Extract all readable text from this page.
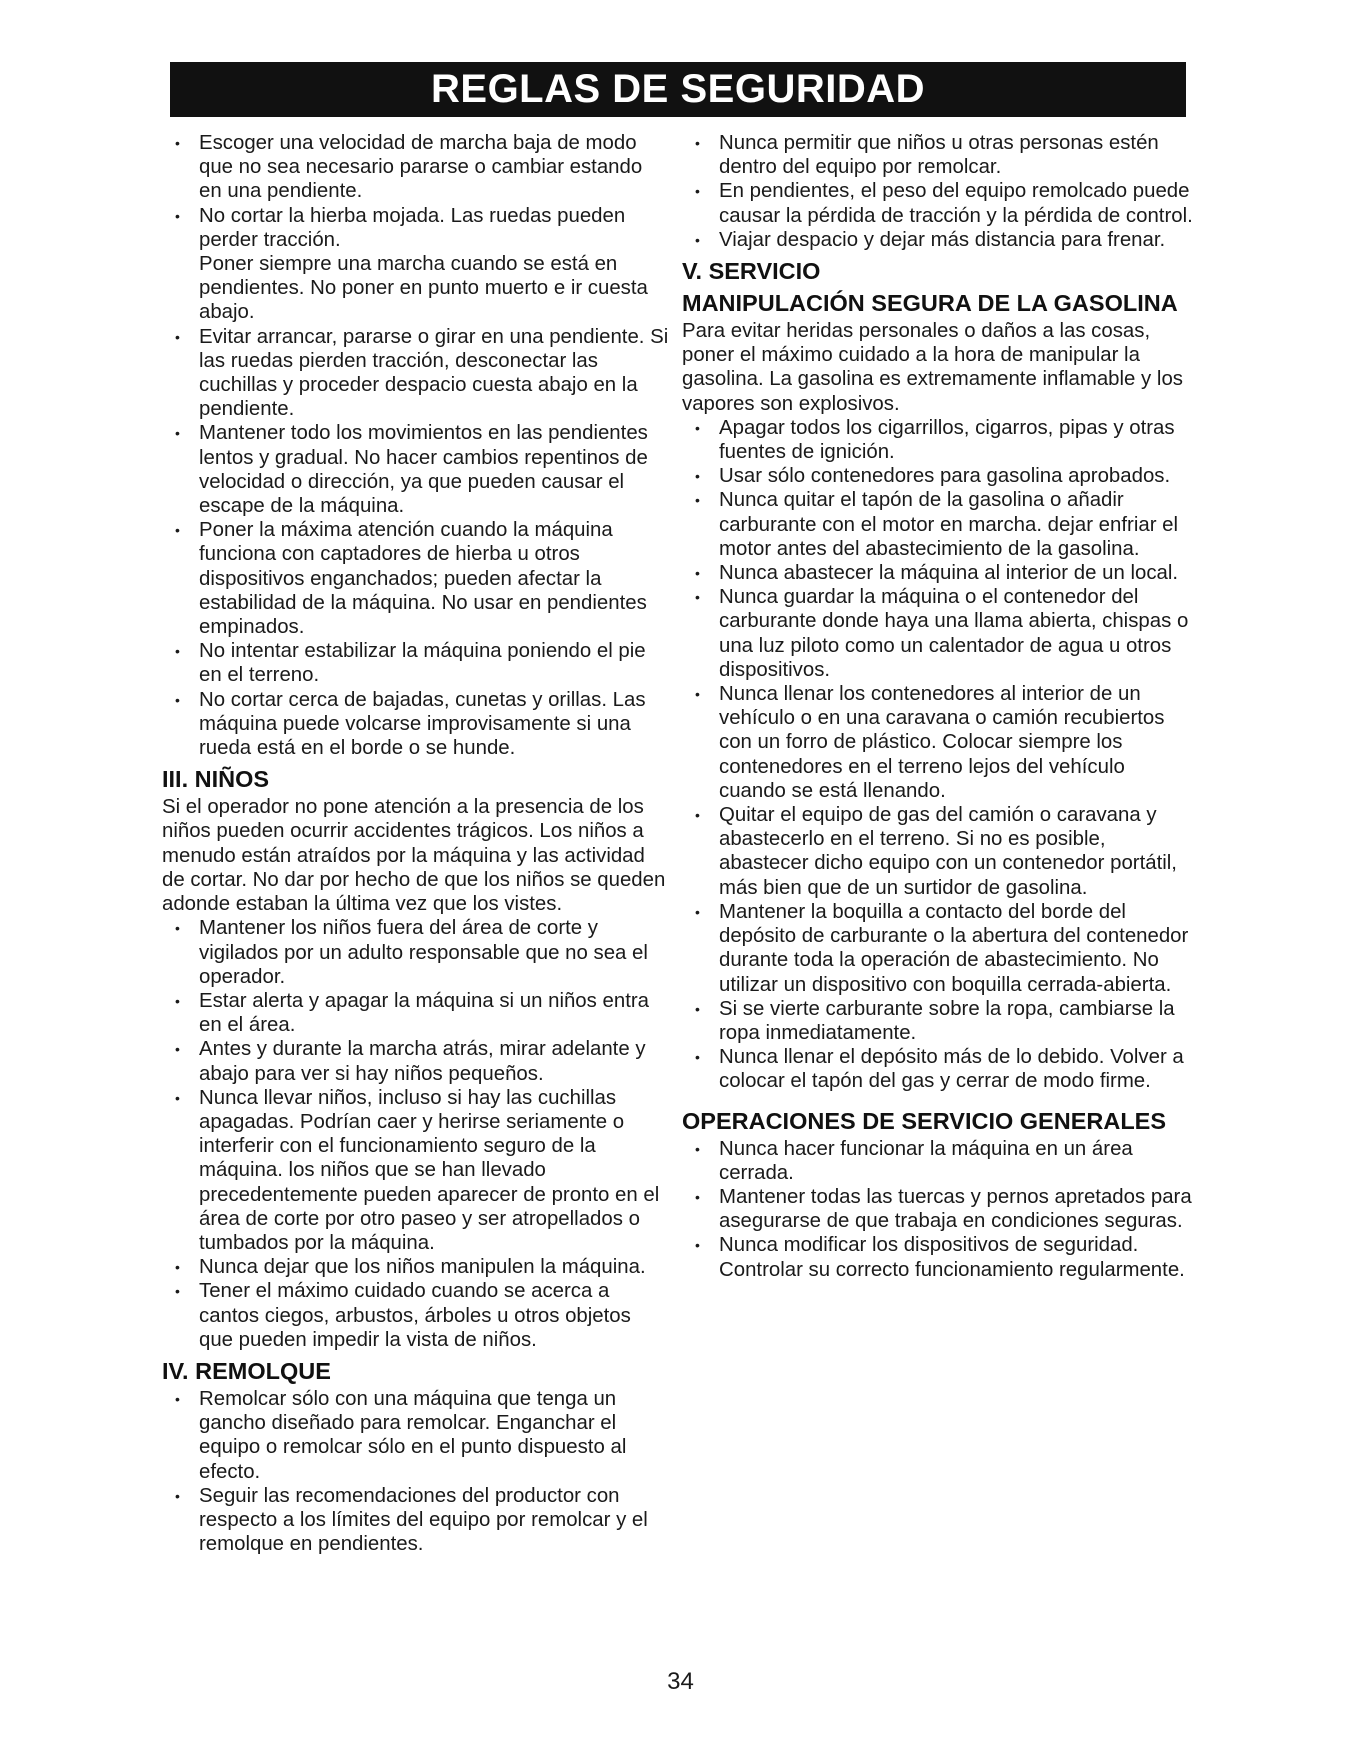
REGLAS DE SEGURIDAD

• Escoger una velocidad de marcha baja de modo que no sea necesario pararse o cambiar estando en una pendiente.

• No cortar la hierba mojada. Las ruedas pueden perder tracción.

Poner siempre una marcha cuando se está en pendientes. No poner en punto muerto e ir cuesta abajo.

• Evitar arrancar, pararse o girar en una pendiente. Si las ruedas pierden tracción, desconectar las cuchillas y proceder despacio cuesta abajo en la pendiente.

• Mantener todo los movimientos en las pendientes lentos y gradual. No hacer cambios repentinos de velocidad o dirección, ya que pueden causar el escape de la máquina.

• Poner la máxima atención cuando la máquina funciona con captadores de hierba u otros dispositivos enganchados; pueden afectar la estabilidad de la máquina. No usar en pendientes empinados.

• No intentar estabilizar la máquina poniendo el pie en el terreno.

• No cortar cerca de bajadas, cunetas y orillas. Las máquina puede volcarse improvisamente si una rueda está en el borde o se hunde.

III. NIÑOS

Si el operador no pone atención a la presencia de los niños pueden ocurrir accidentes trágicos. Los niños a menudo están atraídos por la máquina y las actividad de cortar. No dar por hecho de que los niños se queden adonde estaban la última vez que los vistes.

• Mantener los niños fuera del área de corte y vigilados por un adulto responsable que no sea el operador.

• Estar alerta y apagar la máquina si un niños entra en el área.

• Antes y durante la marcha atrás, mirar adelante y abajo para ver si hay niños pequeños.

• Nunca llevar niños, incluso si hay las cuchillas apagadas. Podrían caer y herirse seriamente o interferir con el funcionamiento seguro de la máquina. los niños que se han llevado precedentemente pueden aparecer de pronto en el área de corte por otro paseo y ser atropellados o tumbados por la máquina.

• Nunca dejar que los niños manipulen la máquina.

• Tener el máximo cuidado cuando se acerca a cantos ciegos, arbustos, árboles u otros objetos que pueden impedir la vista de niños.

IV. REMOLQUE

• Remolcar sólo con una máquina que tenga un gancho diseñado para remolcar. Enganchar el equipo o remolcar sólo en el punto dispuesto al efecto.

• Seguir las recomendaciones del productor con respecto a los límites del equipo por remolcar y el remolque en pendientes.

• Nunca permitir que niños u otras personas estén dentro del equipo por remolcar.

• En pendientes, el peso del equipo remolcado puede causar la pérdida de tracción y la pérdida de control.

• Viajar despacio y dejar más distancia para frenar.

V. SERVICIO
MANIPULACIÓN SEGURA DE LA GASOLINA

Para evitar heridas personales o daños a las cosas, poner el máximo cuidado a la hora de manipular la gasolina. La gasolina es extremamente inflamable y los vapores son explosivos.

• Apagar todos los cigarrillos, cigarros, pipas y otras fuentes de ignición.

• Usar sólo contenedores para gasolina aprobados.

• Nunca quitar el tapón de la gasolina o añadir carburante con el motor en marcha. dejar enfriar el motor antes del abastecimiento de la gasolina.

• Nunca abastecer la máquina al interior de un local.

• Nunca guardar la máquina o el contenedor del carburante donde haya una llama abierta, chispas o una luz piloto como un calentador de agua u otros dispositivos.

• Nunca llenar los contenedores al interior de un vehículo o en una caravana o camión recubiertos con un forro de plástico. Colocar siempre los contenedores en el terreno lejos del vehículo cuando se está llenando.

• Quitar el equipo de gas del camión o caravana y abastecerlo en el terreno. Si no es posible, abastecer dicho equipo con un contenedor portátil, más bien que de un surtidor de gasolina.

• Mantener la boquilla a contacto del borde del depósito de carburante o la abertura del contenedor durante toda la operación de abastecimiento. No utilizar un dispositivo con boquilla cerrada-abierta.

• Si se vierte carburante sobre la ropa, cambiarse la ropa inmediatamente.

• Nunca llenar el depósito más de lo debido. Volver a colocar el tapón del gas y cerrar de modo firme.

OPERACIONES DE SERVICIO GENERALES

• Nunca hacer funcionar la máquina en un área cerrada.

• Mantener todas las tuercas y pernos apretados para asegurarse de que trabaja en condiciones seguras.

• Nunca modificar los dispositivos de seguridad. Controlar su correcto funcionamiento regularmente.

34
